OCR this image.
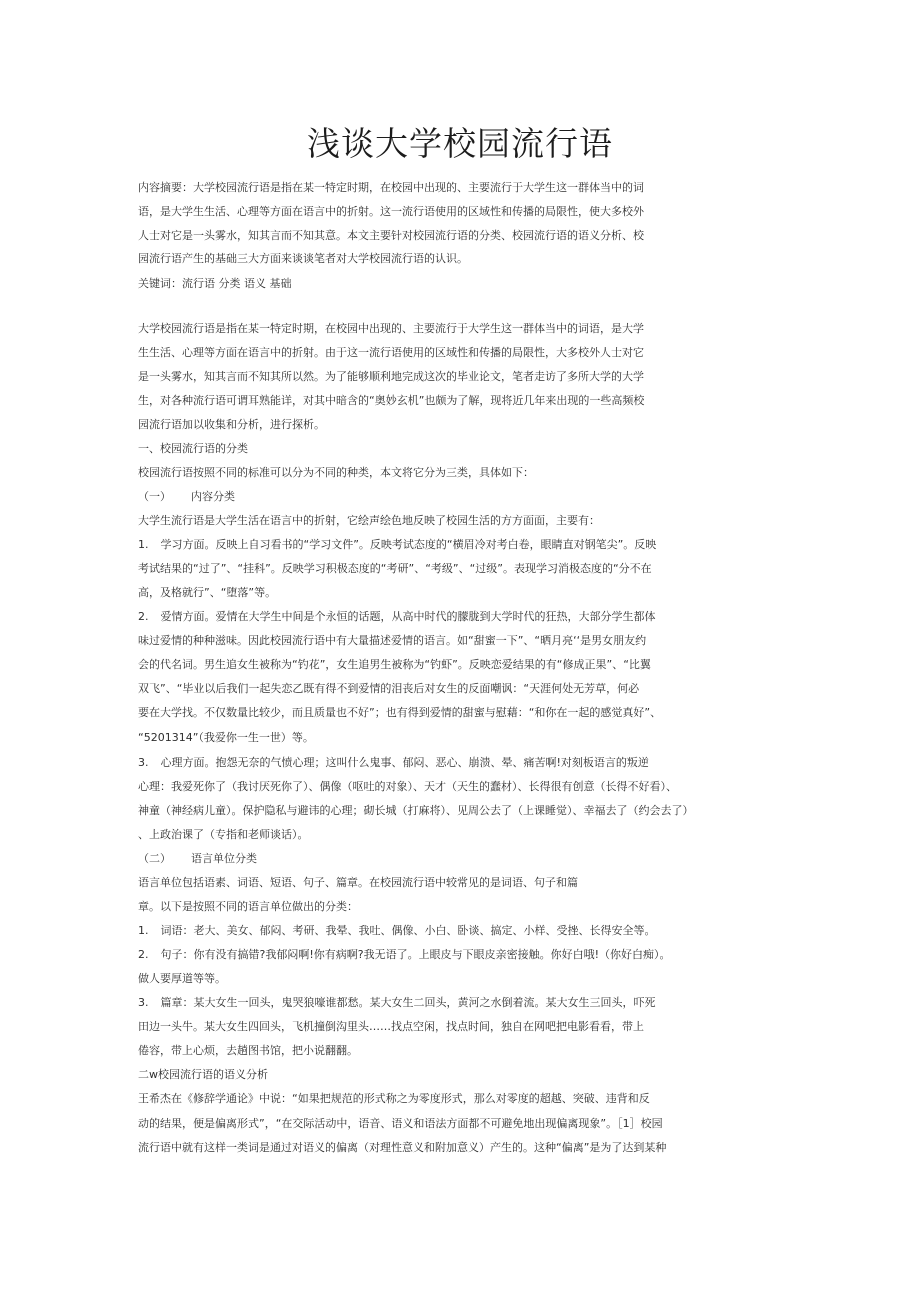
浅谈大学校园流行语
内容摘要：大学校园流行语是指在某一特定时期，在校园中出现的、主要流行于大学生这一群体当中的词
语，是大学生生活、心理等方面在语言中的折射。这一流行语使用的区域性和传播的局限性，使大多校外
人士对它是一头雾水，知其言而不知其意。本文主要针对校园流行语的分类、校园流行语的语义分析、校
园流行语产生的基础三大方面来谈谈笔者对大学校园流行语的认识。
关键词：流行语 分类 语义 基础
大学校园流行语是指在某一特定时期，在校园中出现的、主要流行于大学生这一群体当中的词语，是大学
生生活、心理等方面在语言中的折射。由于这一流行语使用的区域性和传播的局限性，大多校外人士对它
是一头雾水，知其言而不知其所以然。为了能够顺利地完成这次的毕业论文，笔者走访了多所大学的大学
生，对各种流行语可谓耳熟能详，对其中暗含的“奥妙玄机”也颇为了解，现将近几年来出现的一些高频校
园流行语加以收集和分析，进行探析。
一、校园流行语的分类
校园流行语按照不同的标准可以分为不同的种类，本文将它分为三类，具体如下：
（一） 内容分类
大学生流行语是大学生活在语言中的折射，它绘声绘色地反映了校园生活的方方面面，主要有：
1. 学习方面。反映上自习看书的“学习文件”。反映考试态度的“横眉冷对考白卷，眼睛直对钢笔尖”。反映
考试结果的“过了”、“挂科”。反映学习积极态度的“考研”、“考级”、“过级”。表现学习消极态度的“分不在
高，及格就行”、“堕落”等。
2. 爱情方面。爱情在大学生中间是个永恒的话题，从高中时代的朦胧到大学时代的狂热，大部分学生都体
味过爱情的种种滋味。因此校园流行语中有大量描述爱情的语言。如“甜蜜一下”、“晒月亮‘‘是男女朋友约
会的代名词。男生追女生被称为“钓花”，女生追男生被称为“钓虾”。反映恋爱结果的有“修成正果”、“比翼
双飞”、“毕业以后我们一起失恋乙既有得不到爱情的泪丧后对女生的反面嘲讽：“天涯何处无芳草，何必
要在大学找。不仅数量比较少，而且质量也不好”；也有得到爱情的甜蜜与慰藉：“和你在一起的感觉真好”、
“5201314”（我爱你一生一世）等。
3. 心理方面。抱怨无奈的气愤心理；这叫什么鬼事、郁闷、恶心、崩溃、晕、痛苦啊!对刻板语言的叛逆
心理：我爱死你了（我讨厌死你了）、偶像（呕吐的对象）、天才（天生的蠢材）、长得很有创意（长得不好看）、
神童（神经病儿童）。保护隐私与避讳的心理；砌长城（打麻将）、见周公去了（上课睡觉）、幸福去了（约会去了）
、上政治课了（专指和老师谈话）。
（二） 语言单位分类
语言单位包括语素、词语、短语、句子、篇章。在校园流行语中较常见的是词语、句子和篇
章。以下是按照不同的语言单位做出的分类：
1. 词语：老大、美女、郁闷、考研、我晕、我吐、偶像、小白、卧谈、搞定、小样、受挫、长得安全等。
2. 句子：你有没有搞错?我郁闷啊!你有病啊?我无语了。上眼皮与下眼皮亲密接触。你好白哦!（你好白痴）。
做人要厚道等等。
3. 篇章：某大女生一回头，鬼哭狼嚎谁都愁。某大女生二回头，黄河之水倒着流。某大女生三回头，吓死
田边一头牛。某大女生四回头，飞机撞倒沟里头……找点空闲，找点时间，独自在网吧把电影看看，带上
倦容，带上心烦，去趟图书馆，把小说翻翻。
二w校园流行语的语义分析
王希杰在《修辞学通论》中说：“如果把规范的形式称之为零度形式，那么对零度的超越、突破、违背和反
动的结果，便是偏离形式”，“在交际活动中，语音、语义和语法方面都不可避免地出现偏离现象”。［1］校园
流行语中就有这样一类词是通过对语义的偏离（对理性意义和附加意义）产生的。这种“偏离”是为了达到某种
